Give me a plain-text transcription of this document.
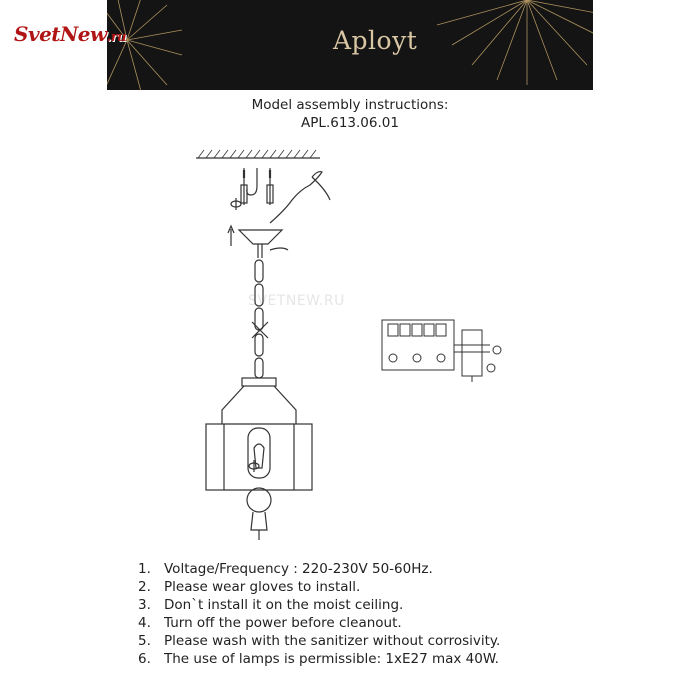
Aployt
SvetNew.ru
Model assembly instructions:
APL.613.06.01
SVETNEW.RU
1. Voltage/Frequency : 220-230V 50-60Hz.
2. Please wear gloves to install.
3. Don`t install it on the moist ceiling.
4. Turn off the power before cleanout.
5. Please wash with the sanitizer without corrosivity.
6. The use of lamps is permissible: 1xE27 max 40W.
